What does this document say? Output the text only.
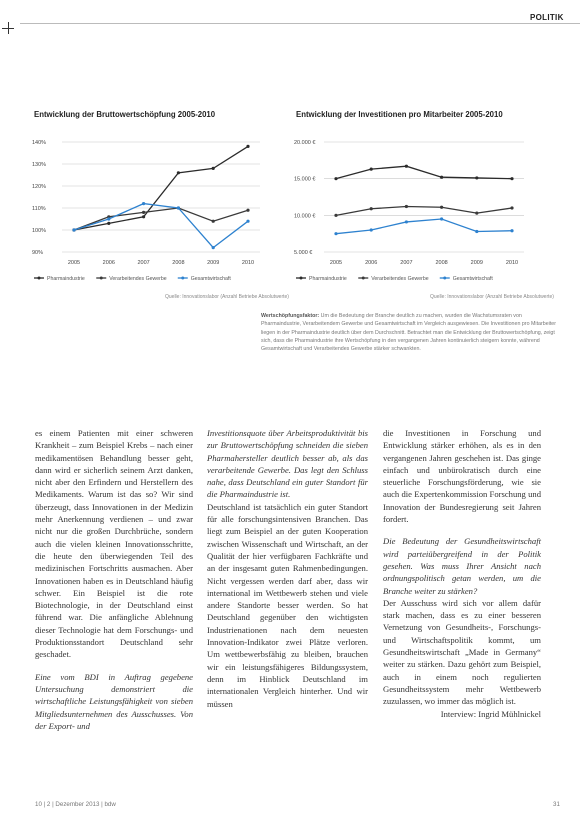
POLITIK
Entwicklung der Bruttowertschöpfung 2005-2010
90%
100%
110%
120%
130%
140%
2005	2006	2007	2008	2009	2010
Pharmaindustrie	Verarbeitendes Gewerbe	Gesamtwirtschaft
Quelle: Innovationslabor (Anzahl Betriebe Absolutwerte)
Entwicklung der Investitionen pro Mitarbeiter 2005-2010
5.000 €
10.000 €
15.000 €
20.000 €
2005	2006	2007	2008	2009	2010
Pharmaindustrie	Verarbeitendes Gewerbe	Gesamtwirtschaft
Quelle: Innovationslabor (Anzahl Betriebe Absolutwerte)
Wertschöpfungsfaktor: Um die Bedeutung der Branche deutlich zu machen, wurden die Wachstumsraten von Pharmaindustrie, Verarbeitendem Gewerbe und Gesamtwirtschaft im Vergleich ausgewiesen. Die Investitionen pro Mitarbeiter liegen in der Pharmaindustrie deutlich über dem Durchschnitt. Betrachtet man die Entwicklung der Bruttowertschöpfung, zeigt sich, dass die Pharmaindustrie ihre Wertschöpfung in den vergangenen Jahren kontinuierlich steigern konnte, während Gesamtwirtschaft und Verarbeitendes Gewerbe stärker schwankten.

es einem Patienten mit einer schweren Krankheit – zum Beispiel Krebs – nach einer medikamentösen Behandlung besser geht, dann wird er sicherlich seinem Arzt danken, nicht aber den Erfindern und Herstellern des Medikaments. Warum ist das so? Wir sind überzeugt, dass Innovationen in der Medizin mehr Anerkennung verdienen – und zwar nicht nur die großen Durchbrüche, sondern auch die vielen kleinen Innovationsschritte, die heute den überwiegenden Teil des medizinischen Fortschritts ausmachen. Aber Innovationen haben es in Deutschland häufig schwer. Ein Beispiel ist die rote Biotechnologie, in der Deutschland einst führend war. Die anfängliche Ablehnung dieser Technologie hat dem Forschungs- und Produktionsstandort Deutschland sehr geschadet.

Eine vom BDI in Auftrag gegebene Untersuchung demonstriert die wirtschaftliche Leistungsfähigkeit von sieben Mitgliedsunternehmen des Ausschusses. Von der Export- und

Investitionsquote über Arbeitsproduktivität bis zur Bruttowertschöpfung schneiden die sieben Pharmahersteller deutlich besser ab, als das verarbeitende Gewerbe. Das legt den Schluss nahe, dass Deutschland ein guter Standort für die Pharmaindustrie ist.

Deutschland ist tatsächlich ein guter Standort für alle forschungsintensiven Branchen. Das liegt zum Beispiel an der guten Kooperation zwischen Wissenschaft und Wirtschaft, an der Qualität der hier verfügbaren Fachkräfte und an der insgesamt guten Rahmenbedingungen. Nicht vergessen werden darf aber, dass wir international im Wettbewerb stehen und viele andere Standorte besser werden. So hat Deutschland gegenüber den wichtigsten Industrienationen nach dem neuesten Innovation-Indikator zwei Plätze verloren. Um wettbewerbsfähig zu bleiben, brauchen wir ein leistungsfähigeres Bildungssystem, denn im Hinblick Deutschland im internationalen Vergleich hinterher. Und wir müssen

die Investitionen in Forschung und Entwicklung stärker erhöhen, als es in den vergangenen Jahren geschehen ist. Das ginge einfach und unbürokratisch durch eine steuerliche Forschungsförderung, wie sie auch die Expertenkommission Forschung und Innovation der Bundesregierung seit Jahren fordert.

Die Bedeutung der Gesundheitswirtschaft wird parteiübergreifend in der Politik gesehen. Was muss Ihrer Ansicht nach ordnungspolitisch getan werden, um die Branche weiter zu stärken?

Der Ausschuss wird sich vor allem dafür stark machen, dass es zu einer besseren Vernetzung von Gesundheits-, Forschungs- und Wirtschaftspolitik kommt, um Gesundheitswirtschaft „Made in Germany“ weiter zu stärken. Dazu gehört zum Beispiel, auch in einem noch regulierten Gesundheitssystem mehr Wettbewerb zuzulassen, wo immer das möglich ist.

Interview: Ingrid Mühlnickel
10 | 2 | Dezember 2013 | bdw	31
